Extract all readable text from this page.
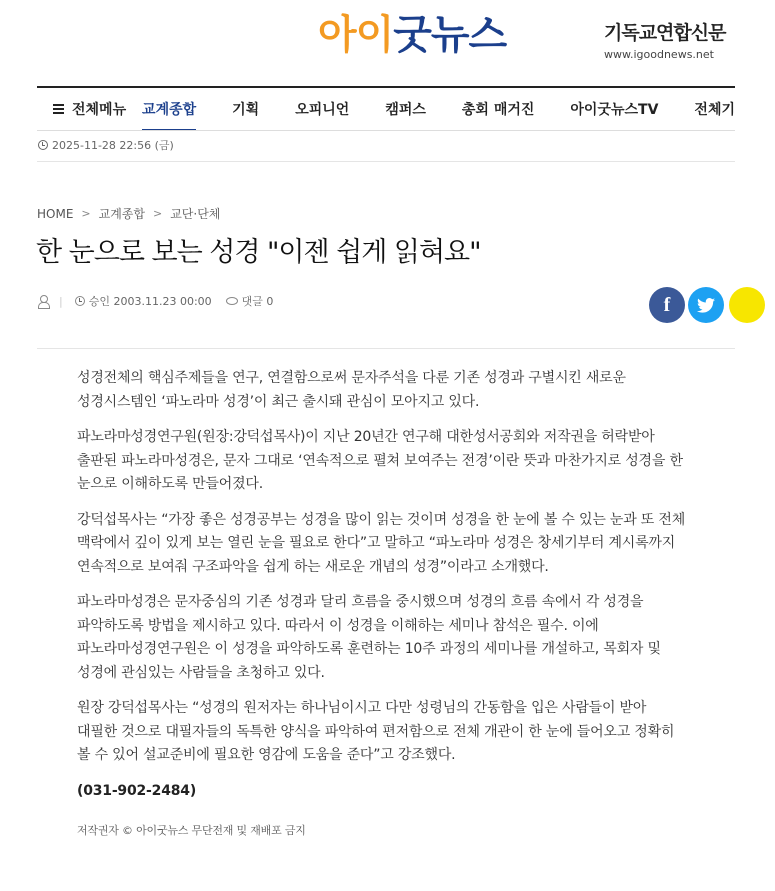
아이굿뉴스	기독교연합신문
www.igoodnews.net
전체메뉴 교계종합	기획	오피니언	캠퍼스	총회 매거진	아이굿뉴스TV	전체기
2025-11-28 22:56 (금)
HOME > 교계종합 > 교단·단체
한 눈으로 보는 성경 "이젠 쉽게 읽혀요"
| 승인 2003.11.23 00:00	댓글 0	f

성경전체의 핵심주제들을 연구, 연결함으로써 문자주석을 다룬 기존 성경과 구별시킨 새로운 성경시스템인 ‘파노라마 성경’이 최근 출시돼 관심이 모아지고 있다.

파노라마성경연구원(원장:강덕섭목사)이 지난 20년간 연구해 대한성서공회와 저작권을 허락받아 출판된 파노라마성경은, 문자 그대로 ‘연속적으로 펼쳐 보여주는 전경’이란 뜻과 마찬가지로 성경을 한 눈으로 이해하도록 만들어졌다.

강덕섭목사는 “가장 좋은 성경공부는 성경을 많이 읽는 것이며 성경을 한 눈에 볼 수 있는 눈과 또 전체 맥락에서 깊이 있게 보는 열린 눈을 필요로 한다”고 말하고 “파노라마 성경은 창세기부터 계시록까지 연속적으로 보여줘 구조파악을 쉽게 하는 새로운 개념의 성경”이라고 소개했다.

파노라마성경은 문자중심의 기존 성경과 달리 흐름을 중시했으며 성경의 흐름 속에서 각 성경을 파악하도록 방법을 제시하고 있다. 따라서 이 성경을 이해하는 세미나 참석은 필수. 이에 파노라마성경연구원은 이 성경을 파악하도록 훈련하는 10주 과정의 세미나를 개설하고, 목회자 및 성경에 관심있는 사람들을 초청하고 있다.

원장 강덕섭목사는 “성경의 원저자는 하나님이시고 다만 성령님의 간동함을 입은 사람들이 받아 대필한 것으로 대필자들의 독특한 양식을 파악하여 편저함으로 전체 개관이 한 눈에 들어오고 정확히 볼 수 있어 설교준비에 필요한 영감에 도움을 준다”고 강조했다.

(031-902-2484)

저작권자 © 아이굿뉴스 무단전재 및 재배포 금지
